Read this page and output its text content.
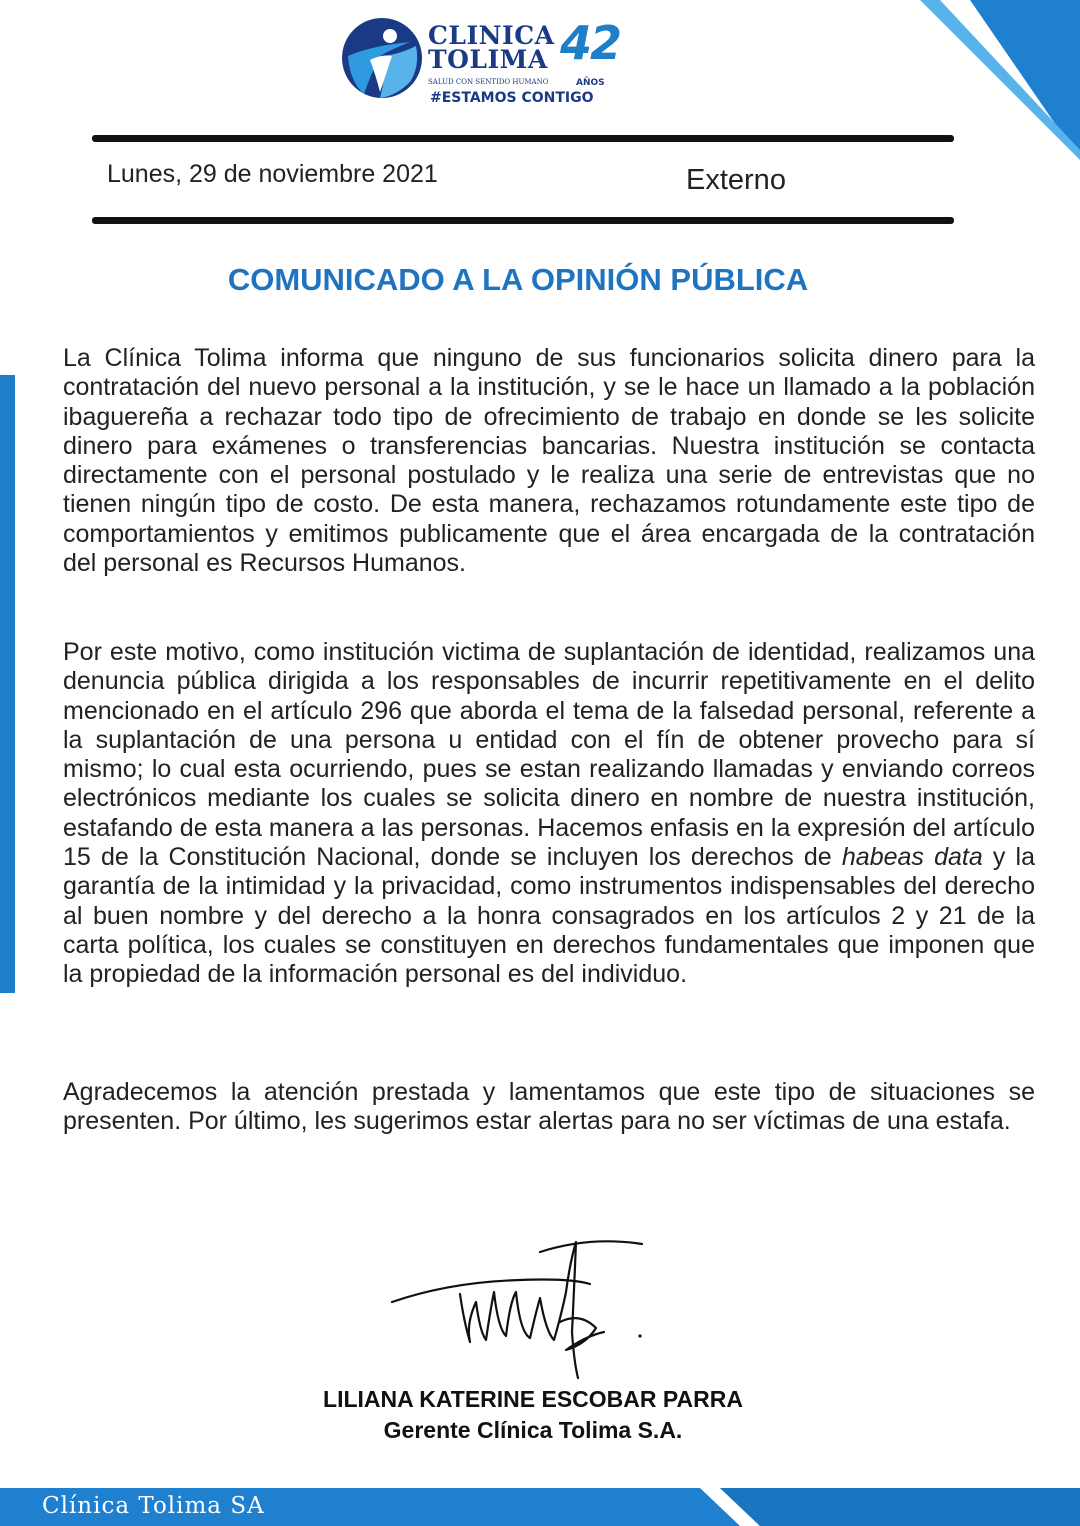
CLINICA
TOLIMA
SALUD CON SENTIDO HUMANO
42
AÑOS
#ESTAMOS CONTIGO
Lunes, 29 de noviembre 2021	Externo
COMUNICADO A LA OPINIÓN PÚBLICA

La Clínica Tolima informa que ninguno de sus funcionarios solicita dinero para la contratación del nuevo personal a la institución, y se le hace un llamado a la población ibaguereña a rechazar todo tipo de ofrecimiento de trabajo en donde se les solicite dinero para exámenes o transferencias bancarias. Nuestra institución se contacta directamente con el personal postulado y le realiza una serie de entrevistas que no tienen ningún tipo de costo. De esta manera, rechazamos rotundamente este tipo de comportamientos y emitimos publicamente que el área encargada de la contratación del personal es Recursos Humanos.

Por este motivo, como institución victima de suplantación de identidad, realizamos una denuncia pública dirigida a los responsables de incurrir repetitivamente en el delito mencionado en el artículo 296 que aborda el tema de la falsedad personal, referente a la suplantación de una persona u entidad con el fín de obtener provecho para sí mismo; lo cual esta ocurriendo, pues se estan realizando llamadas y enviando correos electrónicos mediante los cuales se solicita dinero en nombre de nuestra institución, estafando de esta manera a las personas. Hacemos enfasis en la expresión del artículo 15 de la Constitución Nacional, donde se incluyen los derechos de habeas data y la garantía de la intimidad y la privacidad, como instrumentos indispensables del derecho al buen nombre y del derecho a la honra consagrados en los artículos 2 y 21 de la carta política, los cuales se constituyen en derechos fundamentales que imponen que la propiedad de la información personal es del individuo.

Agradecemos la atención prestada y lamentamos que este tipo de situaciones se presenten. Por último, les sugerimos estar alertas para no ser víctimas de una estafa.

LILIANA KATERINE ESCOBAR PARRA
Gerente Clínica Tolima S.A.
Clínica Tolima SA
